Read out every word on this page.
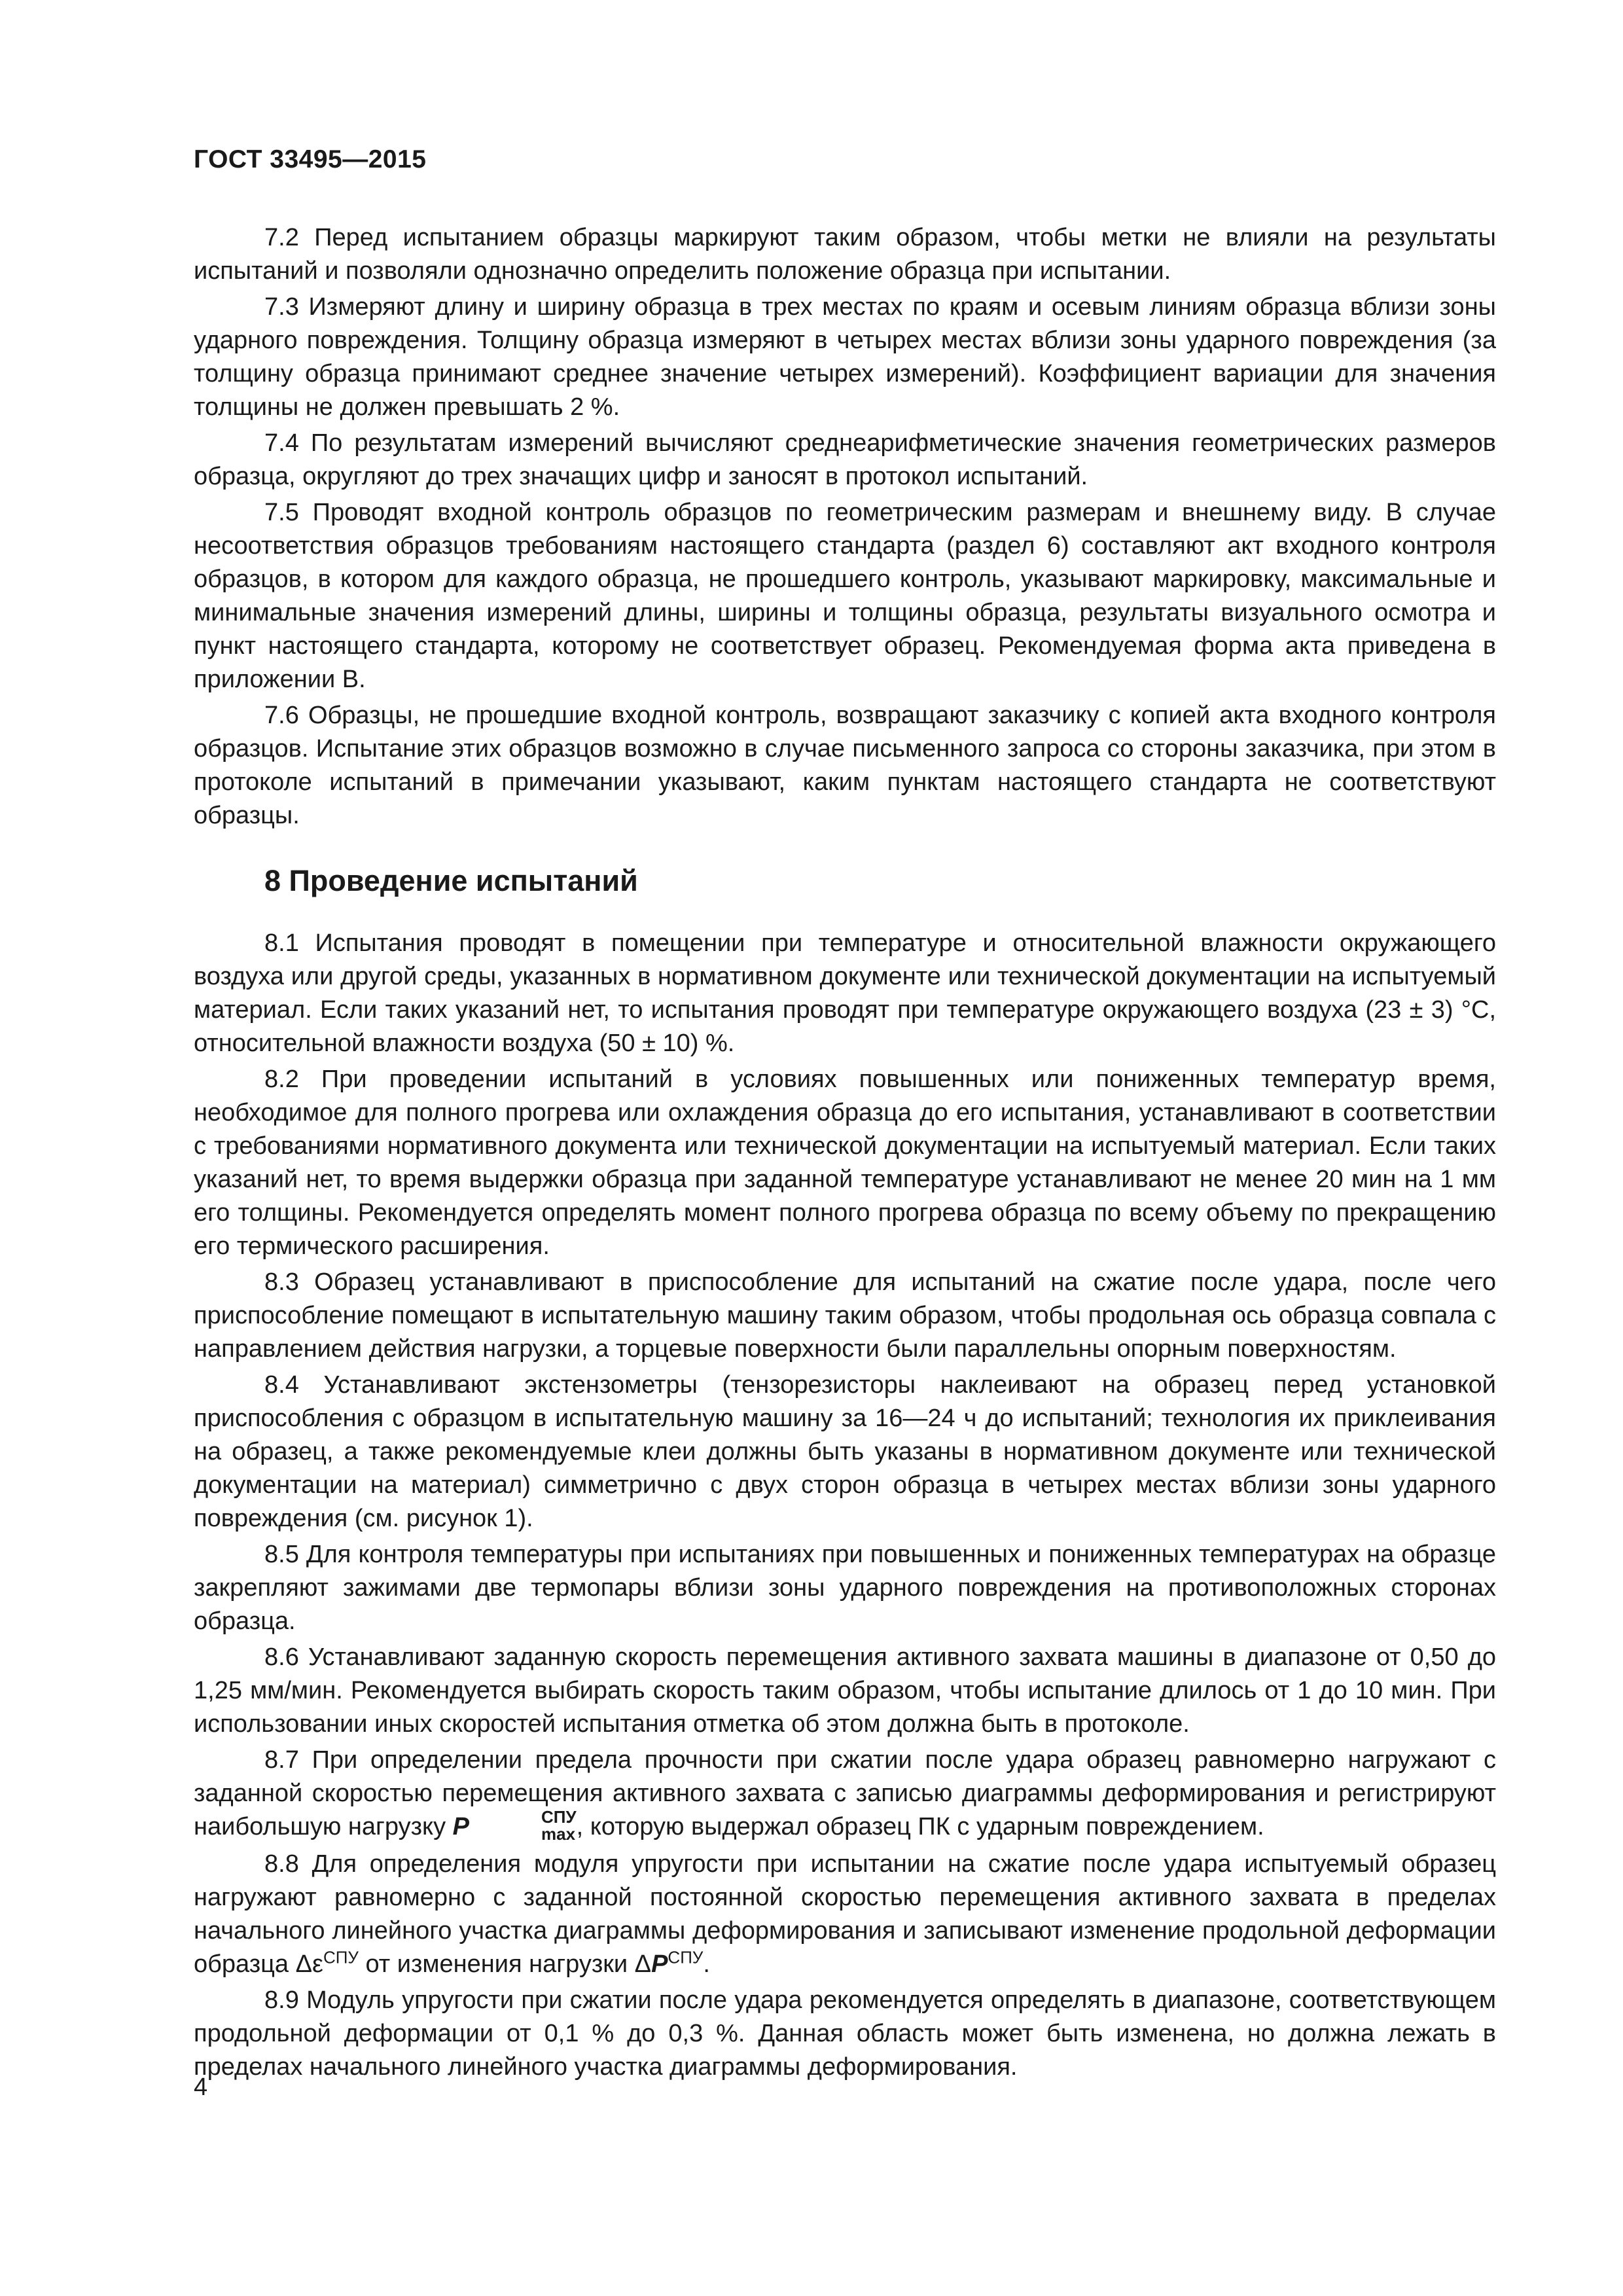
ГОСТ 33495—2015

7.2 Перед испытанием образцы маркируют таким образом, чтобы метки не влияли на результаты испытаний и позволяли однозначно определить положение образца при испытании.

7.3 Измеряют длину и ширину образца в трех местах по краям и осевым линиям образца вблизи зоны ударного повреждения. Толщину образца измеряют в четырех местах вблизи зоны ударного повреждения (за толщину образца принимают среднее значение четырех измерений). Коэффициент вариации для значения толщины не должен превышать 2 %.

7.4 По результатам измерений вычисляют среднеарифметические значения геометрических размеров образца, округляют до трех значащих цифр и заносят в протокол испытаний.

7.5 Проводят входной контроль образцов по геометрическим размерам и внешнему виду. В случае несоответствия образцов требованиям настоящего стандарта (раздел 6) составляют акт входного контроля образцов, в котором для каждого образца, не прошедшего контроль, указывают маркировку, максимальные и минимальные значения измерений длины, ширины и толщины образца, результаты визуального осмотра и пункт настоящего стандарта, которому не соответствует образец. Рекомендуемая форма акта приведена в приложении В.

7.6 Образцы, не прошедшие входной контроль, возвращают заказчику с копией акта входного контроля образцов. Испытание этих образцов возможно в случае письменного запроса со стороны заказчика, при этом в протоколе испытаний в примечании указывают, каким пунктам настоящего стандарта не соответствуют образцы.

8 Проведение испытаний

8.1 Испытания проводят в помещении при температуре и относительной влажности окружающего воздуха или другой среды, указанных в нормативном документе или технической документации на испытуемый материал. Если таких указаний нет, то испытания проводят при температуре окружающего воздуха (23 ± 3) °С, относительной влажности воздуха (50 ± 10) %.

8.2 При проведении испытаний в условиях повышенных или пониженных температур время, необходимое для полного прогрева или охлаждения образца до его испытания, устанавливают в соответствии с требованиями нормативного документа или технической документации на испытуемый материал. Если таких указаний нет, то время выдержки образца при заданной температуре устанавливают не менее 20 мин на 1 мм его толщины. Рекомендуется определять момент полного прогрева образца по всему объему по прекращению его термического расширения.

8.3 Образец устанавливают в приспособление для испытаний на сжатие после удара, после чего приспособление помещают в испытательную машину таким образом, чтобы продольная ось образца совпала с направлением действия нагрузки, а торцевые поверхности были параллельны опорным поверхностям.

8.4 Устанавливают экстензометры (тензорезисторы наклеивают на образец перед установкой приспособления с образцом в испытательную машину за 16—24 ч до испытаний; технология их приклеивания на образец, а также рекомендуемые клеи должны быть указаны в нормативном документе или технической документации на материал) симметрично с двух сторон образца в четырех местах вблизи зоны ударного повреждения (см. рисунок 1).

8.5 Для контроля температуры при испытаниях при повышенных и пониженных температурах на образце закрепляют зажимами две термопары вблизи зоны ударного повреждения на противоположных сторонах образца.

8.6 Устанавливают заданную скорость перемещения активного захвата машины в диапазоне от 0,50 до 1,25 мм/мин. Рекомендуется выбирать скорость таким образом, чтобы испытание длилось от 1 до 10 мин. При использовании иных скоростей испытания отметка об этом должна быть в протоколе.

8.7 При определении предела прочности при сжатии после удара образец равномерно нагружают с заданной скоростью перемещения активного захвата с записью диаграммы деформирования и регистрируют наибольшую нагрузку P	СПУ
max , которую выдержал образец ПК с ударным повреждением.

8.8 Для определения модуля упругости при испытании на сжатие после удара испытуемый образец нагружают равномерно с заданной постоянной скоростью перемещения активного захвата в пределах начального линейного участка диаграммы деформирования и записывают изменение продольной деформации образца $\Delta\varepsilon^{СПУ}$ от изменения нагрузки $\Delta P^{СПУ}$.

8.9 Модуль упругости при сжатии после удара рекомендуется определять в диапазоне, соответствующем продольной деформации от 0,1 % до 0,3 %. Данная область может быть изменена, но должна лежать в пределах начального линейного участка диаграммы деформирования.

4
